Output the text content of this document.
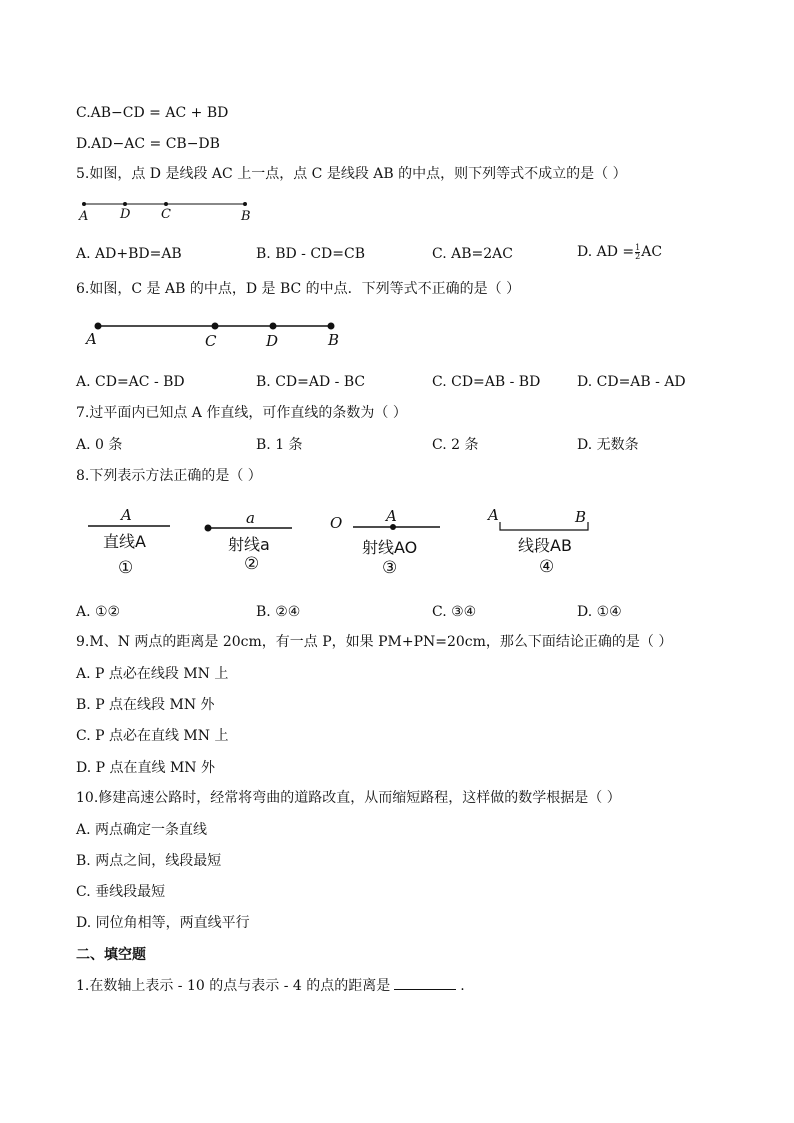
C.AB−CD = AC + BD
D.AD−AC = CB−DB
5.如图，点 D 是线段 AC 上一点，点 C 是线段 AB 的中点，则下列等式不成立的是（ ）
A D C	B
A. AD+BD=AB	B. BD - CD=CB	C. AB=2AC	D. AD = $\frac{1}{2}$ AC
6.如图，C 是 AB 的中点，D 是 BC 的中点．下列等式不正确的是（ ）
A	C	D	B
A. CD=AC - BD	B. CD=AD - BC	C. CD=AB - BD	D. CD=AB - AD
7.过平面内已知点 A 作直线，可作直线的条数为（ ）
A. 0 条	B. 1 条	C. 2 条	D. 无数条
8.下列表示方法正确的是（ ）
A
直线A
①
a
射线a
②
O	A
射线AO
③
A	B
线段AB
④
A. ①②	B. ②④	C. ③④	D. ①④
9.M、N 两点的距离是 20cm，有一点 P，如果 PM+PN=20cm，那么下面结论正确的是（ ）
A. P 点必在线段 MN 上
B. P 点在线段 MN 外
C. P 点必在直线 MN 上
D. P 点在直线 MN 外
10.修建高速公路时，经常将弯曲的道路改直，从而缩短路程，这样做的数学根据是（ ）
A. 两点确定一条直线
B. 两点之间，线段最短
C. 垂线段最短
D. 同位角相等，两直线平行
二、填空题
1.在数轴上表示 - 10 的点与表示 - 4 的点的距离是	.
